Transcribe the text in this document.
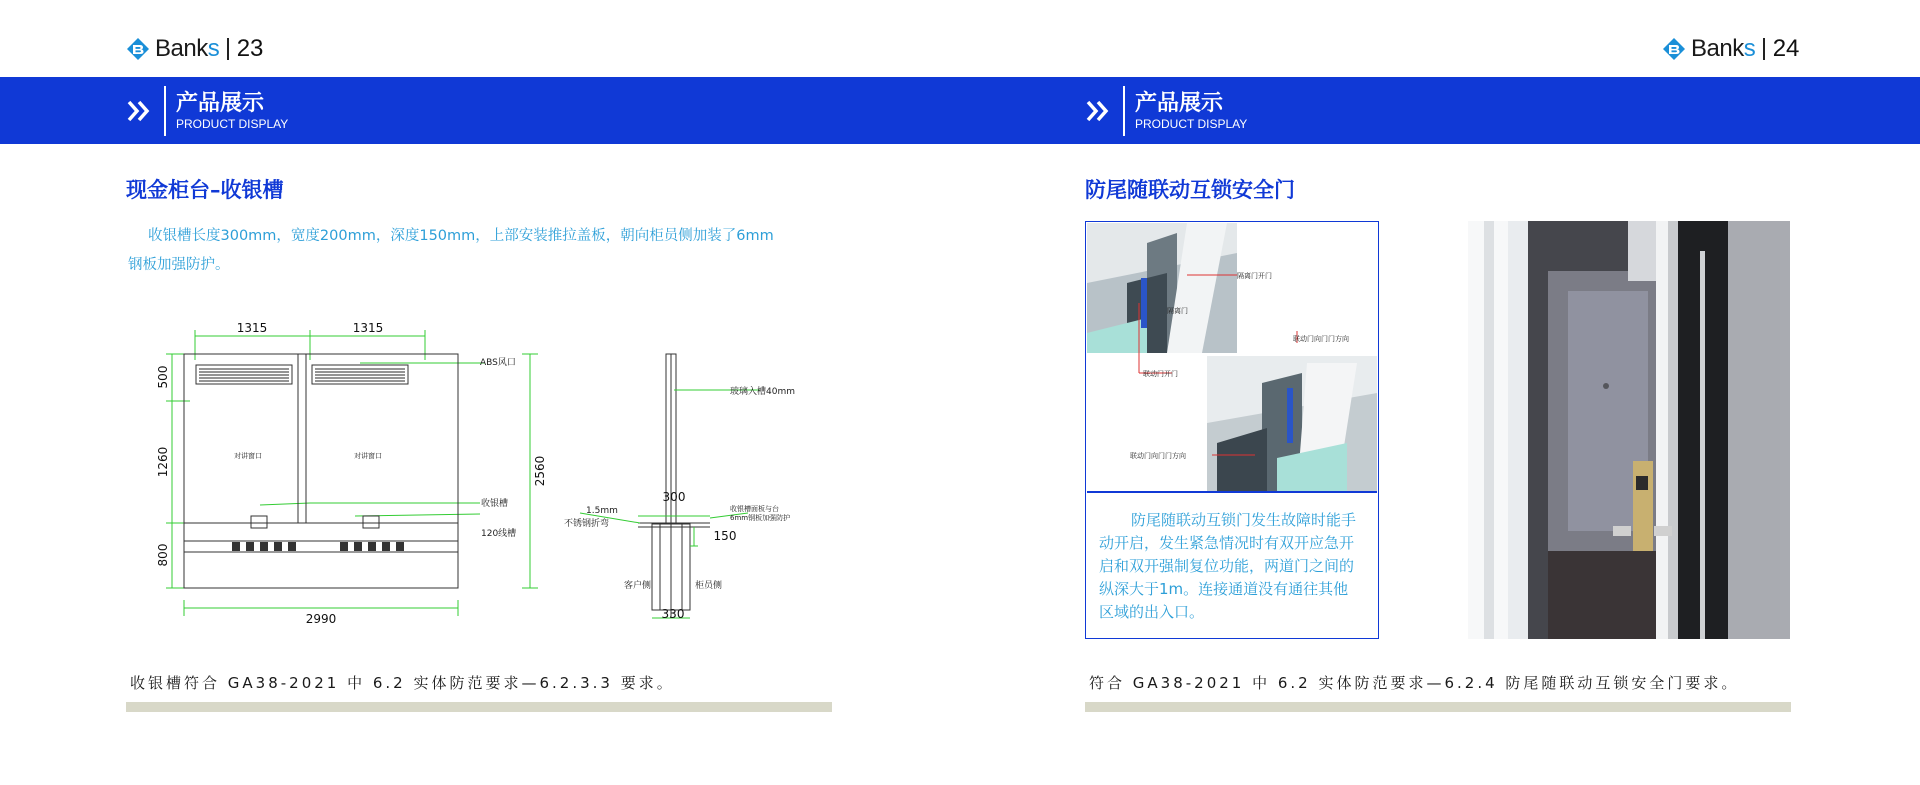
Banks 23
产品展示
PRODUCT DISPLAY
现金柜台–收银槽
收银槽长度300mm，宽度200mm，深度150mm，上部安装推拉盖板，朝向柜员侧加装了6mm
钢板加强防护。
1315	1315
2990
500
1260
800
2560
300
150
330
ABS风口
对讲窗口	对讲窗口
收银槽
120线槽
玻璃入槽40mm
1.5mm
不锈钢折弯
收银槽面板与台
6mm钢板加强防护
客户侧	柜员侧
收银槽符合 GA38-2021 中 6.2 实体防范要求—6.2.3.3 要求。
Banks 24
产品展示
PRODUCT DISPLAY
防尾随联动互锁安全门
隔离门开门
隔离门
联动门向门门方向
联动门开门
联动门向门门方向
防尾随联动互锁门发生故障时能手
动开启，发生紧急情况时有双开应急开
启和双开强制复位功能，两道门之间的
纵深大于1m。连接通道没有通往其他
区域的出入口。
符合 GA38-2021 中 6.2 实体防范要求—6.2.4 防尾随联动互锁安全门要求。
